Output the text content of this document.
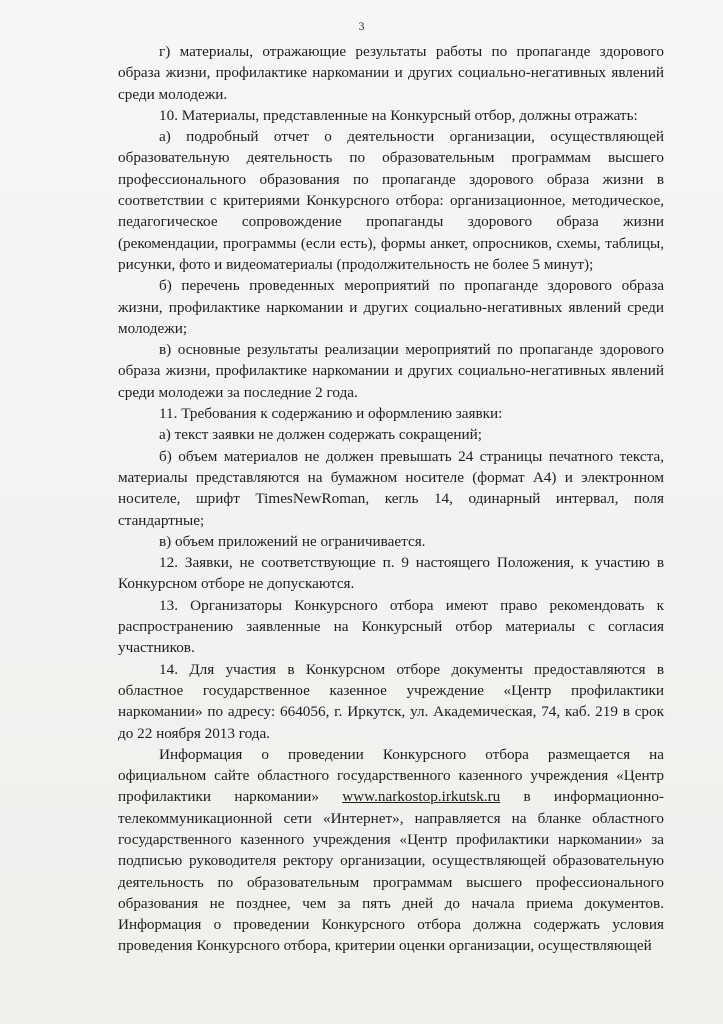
3

г) материалы, отражающие результаты работы по пропаганде здорового образа жизни, профилактике наркомании и других социально-негативных явлений среди молодежи.

10. Материалы, представленные на Конкурсный отбор, должны отражать:

а) подробный отчет о деятельности организации, осуществляющей образовательную деятельность по образовательным программам высшего профессионального образования по пропаганде здорового образа жизни в соответствии с критериями Конкурсного отбора: организационное, методическое, педагогическое сопровождение пропаганды здорового образа жизни (рекомендации, программы (если есть), формы анкет, опросников, схемы, таблицы, рисунки, фото и видеоматериалы (продолжительность не более 5 минут);

б) перечень проведенных мероприятий по пропаганде здорового образа жизни, профилактике наркомании и других социально-негативных явлений среди молодежи;

в) основные результаты реализации мероприятий по пропаганде здорового образа жизни, профилактике наркомании и других социально-негативных явлений среди молодежи за последние 2 года.

11. Требования к содержанию и оформлению заявки:

а) текст заявки не должен содержать сокращений;

б) объем материалов не должен превышать 24 страницы печатного текста, материалы представляются на бумажном носителе (формат А4) и электронном носителе, шрифт TimesNewRoman, кегль 14, одинарный интервал, поля стандартные;

в) объем приложений не ограничивается.

12. Заявки, не соответствующие п. 9 настоящего Положения, к участию в Конкурсном отборе не допускаются.

13. Организаторы Конкурсного отбора имеют право рекомендовать к распространению заявленные на Конкурсный отбор материалы с согласия участников.

14. Для участия в Конкурсном отборе документы предоставляются в областное государственное казенное учреждение «Центр профилактики наркомании» по адресу: 664056, г. Иркутск, ул. Академическая, 74, каб. 219 в срок до 22 ноября 2013 года.

Информация о проведении Конкурсного отбора размещается на официальном сайте областного государственного казенного учреждения «Центр профилактики наркомании» www.narkostop.irkutsk.ru в информационно-телекоммуникационной сети «Интернет», направляется на бланке областного государственного казенного учреждения «Центр профилактики наркомании» за подписью руководителя ректору организации, осуществляющей образовательную деятельность по образовательным программам высшего профессионального образования не позднее, чем за пять дней до начала приема документов. Информация о проведении Конкурсного отбора должна содержать условия проведения Конкурсного отбора, критерии оценки организации, осуществляющей
